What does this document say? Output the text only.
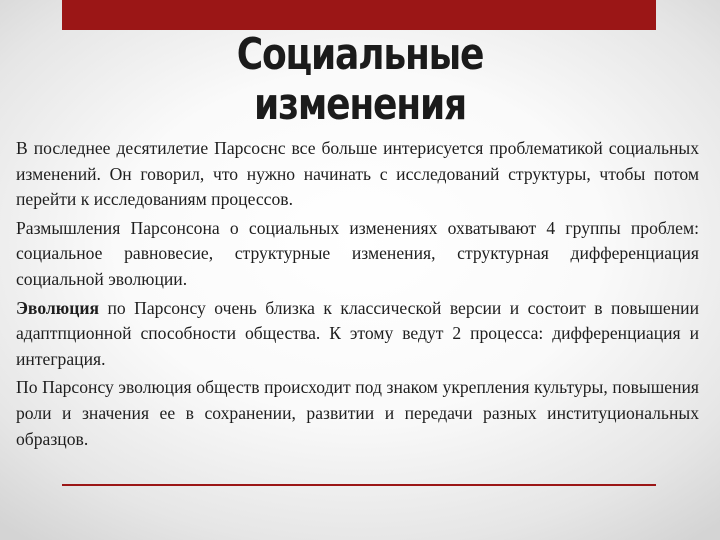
Социальные
изменения

В последнее десятилетие Парсоснс все больше интерисуется проблематикой социальных изменений. Он говорил, что нужно начинать с исследований структуры, чтобы потом перейти к исследованиям процессов.

Размышления Парсонсона о социальных изменениях охватывают 4 группы проблем: социальное равновесие, структурные изменения, структурная дифференциация социальной эволюции.

Эволюция по Парсонсу очень близка к классической версии и состоит в повышении адаптпционной способности общества. К этому ведут 2 процесса: дифференциация и интеграция.

По Парсонсу эволюция обществ происходит под знаком укрепления культуры, повышения роли и значения ее в сохранении, развитии и передачи разных институциональных образцов.
